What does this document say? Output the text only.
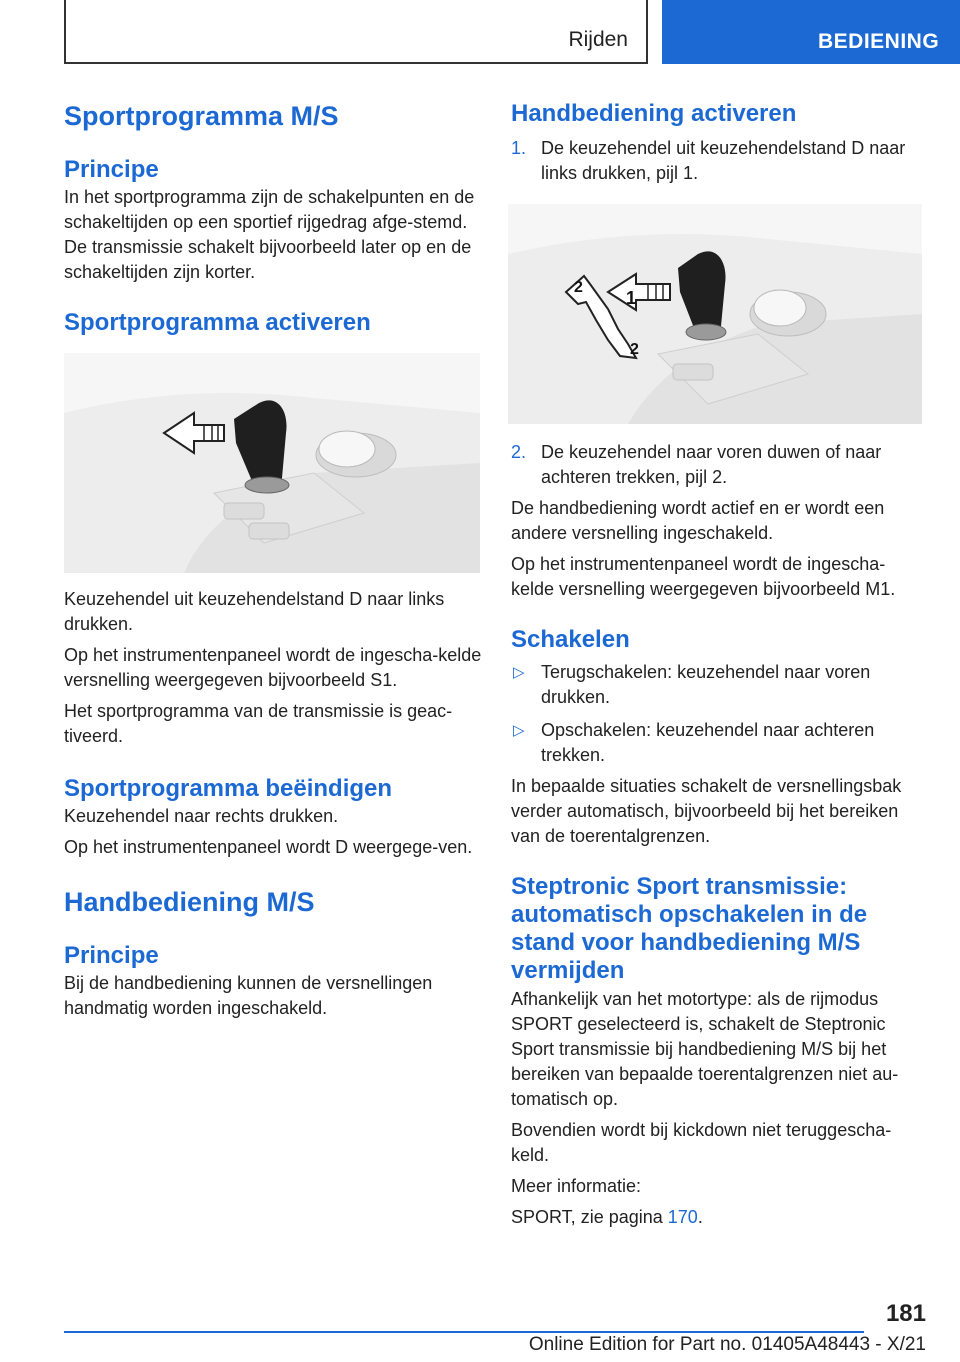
Rijden	BEDIENING
Sportprogramma M/S
Principe

In het sportprogramma zijn de schakelpunten en de schakeltijden op een sportief rijgedrag afge-stemd. De transmissie schakelt bijvoorbeeld later op en de schakeltijden zijn korter.

Sportprogramma activeren

Keuzehendel uit keuzehendelstand D naar links drukken.

Op het instrumentenpaneel wordt de ingescha-kelde versnelling weergegeven bijvoorbeeld S1.

Het sportprogramma van de transmissie is geac-tiveerd.

Sportprogramma beëindigen

Keuzehendel naar rechts drukken.

Op het instrumentenpaneel wordt D weergege-ven.

Handbediening M/S
Principe

Bij de handbediening kunnen de versnellingen handmatig worden ingeschakeld.

Handbediening activeren
1. De keuzehendel uit keuzehendelstand D naar links drukken, pijl 1.
1
2
2
2. De keuzehendel naar voren duwen of naar achteren trekken, pijl 2.

De handbediening wordt actief en er wordt een andere versnelling ingeschakeld.

Op het instrumentenpaneel wordt de ingescha-kelde versnelling weergegeven bijvoorbeeld M1.

Schakelen
▷ Terugschakelen: keuzehendel naar voren drukken.
▷ Opschakelen: keuzehendel naar achteren trekken.

In bepaalde situaties schakelt de versnellingsbak verder automatisch, bijvoorbeeld bij het bereiken van de toerentalgrenzen.

Steptronic Sport transmissie: automatisch opschakelen in de stand voor handbediening M/S vermijden

Afhankelijk van het motortype: als de rijmodus SPORT geselecteerd is, schakelt de Steptronic Sport transmissie bij handbediening M/S bij het bereiken van bepaalde toerentalgrenzen niet au-tomatisch op.

Bovendien wordt bij kickdown niet teruggescha-keld.

Meer informatie:

SPORT, zie pagina 170.

181
Online Edition for Part no. 01405A48443 - X/21
